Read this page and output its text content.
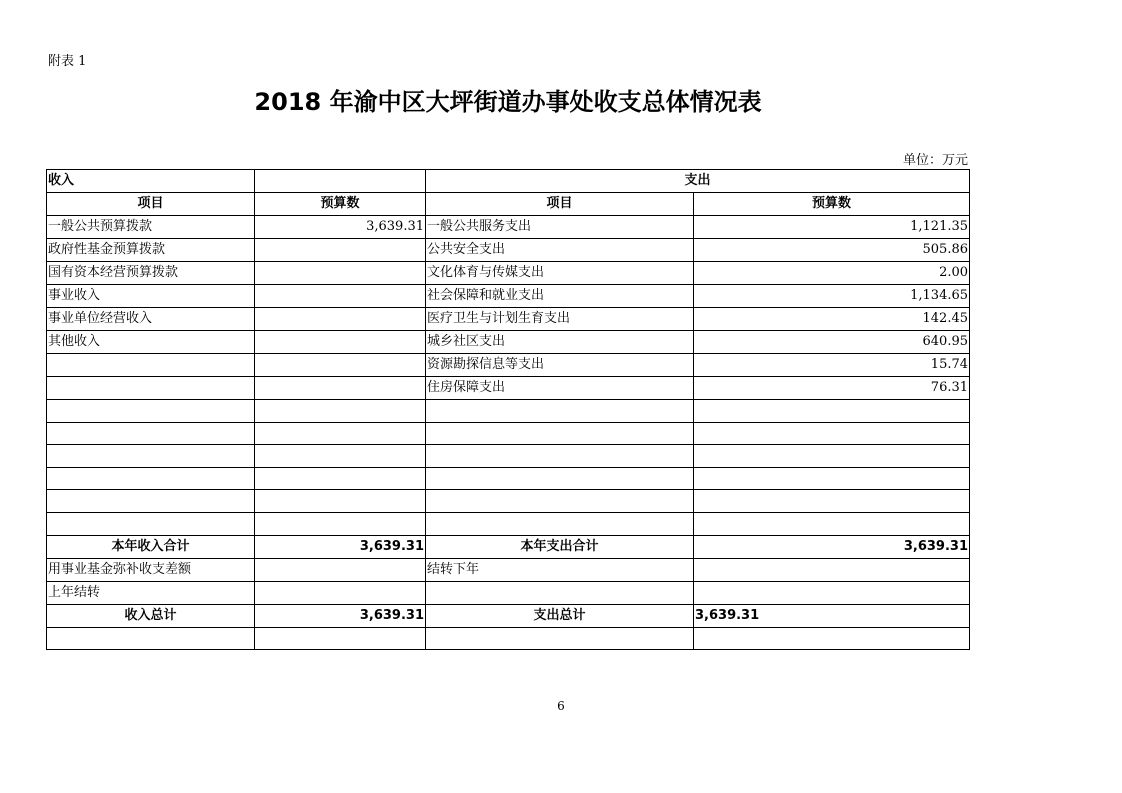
附表 1
2018 年渝中区大坪街道办事处收支总体情况表
单位：万元
收入		支出	
项目	预算数	项目	预算数
一般公共预算拨款	3,639.31	一般公共服务支出	1,121.35
政府性基金预算拨款		公共安全支出	505.86
国有资本经营预算拨款		文化体育与传媒支出	2.00
事业收入		社会保障和就业支出	1,134.65
事业单位经营收入		医疗卫生与计划生育支出	142.45
其他收入		城乡社区支出	640.95
		资源勘探信息等支出	15.74
		住房保障支出	76.31

本年收入合计	3,639.31	本年支出合计	3,639.31
用事业基金弥补收支差额		结转下年	
上年结转			
收入总计	3,639.31	支出总计	3,639.31

6
